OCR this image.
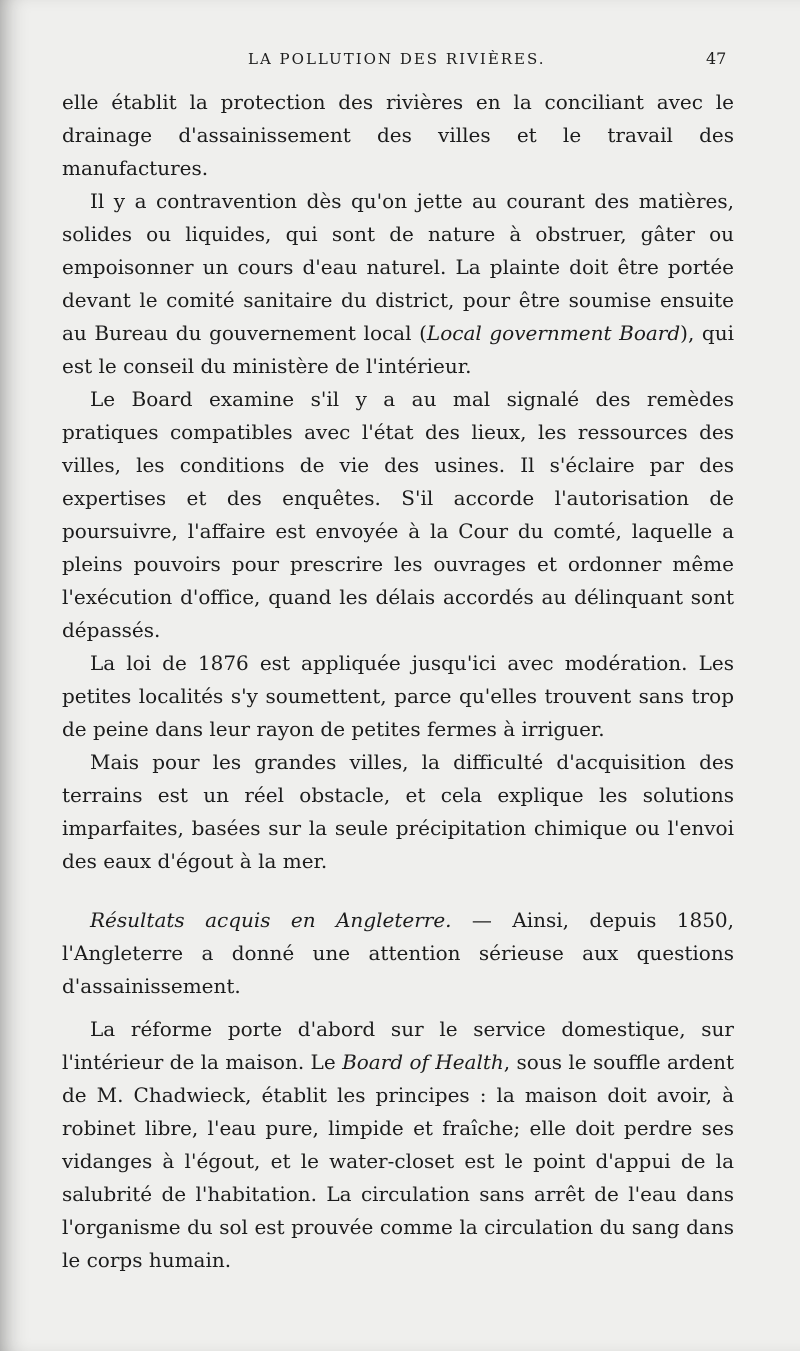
LA POLLUTION DES RIVIÈRES.	47

elle établit la protection des rivières en la conciliant avec le drainage d'assainissement des villes et le travail des manufactures.

Il y a contravention dès qu'on jette au courant des matières, solides ou liquides, qui sont de nature à obstruer, gâter ou empoisonner un cours d'eau naturel. La plainte doit être portée devant le comité sanitaire du district, pour être soumise ensuite au Bureau du gouvernement local (Local government Board), qui est le conseil du ministère de l'intérieur.

Le Board examine s'il y a au mal signalé des remèdes pratiques compatibles avec l'état des lieux, les ressources des villes, les conditions de vie des usines. Il s'éclaire par des expertises et des enquêtes. S'il accorde l'autorisation de poursuivre, l'affaire est envoyée à la Cour du comté, laquelle a pleins pouvoirs pour prescrire les ouvrages et ordonner même l'exécution d'office, quand les délais accordés au délinquant sont dépassés.

La loi de 1876 est appliquée jusqu'ici avec modération. Les petites localités s'y soumettent, parce qu'elles trouvent sans trop de peine dans leur rayon de petites fermes à irriguer.

Mais pour les grandes villes, la difficulté d'acquisition des terrains est un réel obstacle, et cela explique les solutions imparfaites, basées sur la seule précipitation chimique ou l'envoi des eaux d'égout à la mer.

Résultats acquis en Angleterre. — Ainsi, depuis 1850, l'Angleterre a donné une attention sérieuse aux questions d'assainissement.

La réforme porte d'abord sur le service domestique, sur l'intérieur de la maison. Le Board of Health, sous le souffle ardent de M. Chadwieck, établit les principes : la maison doit avoir, à robinet libre, l'eau pure, limpide et fraîche; elle doit perdre ses vidanges à l'égout, et le water-closet est le point d'appui de la salubrité de l'habitation. La circulation sans arrêt de l'eau dans l'organisme du sol est prouvée comme la circulation du sang dans le corps humain.
